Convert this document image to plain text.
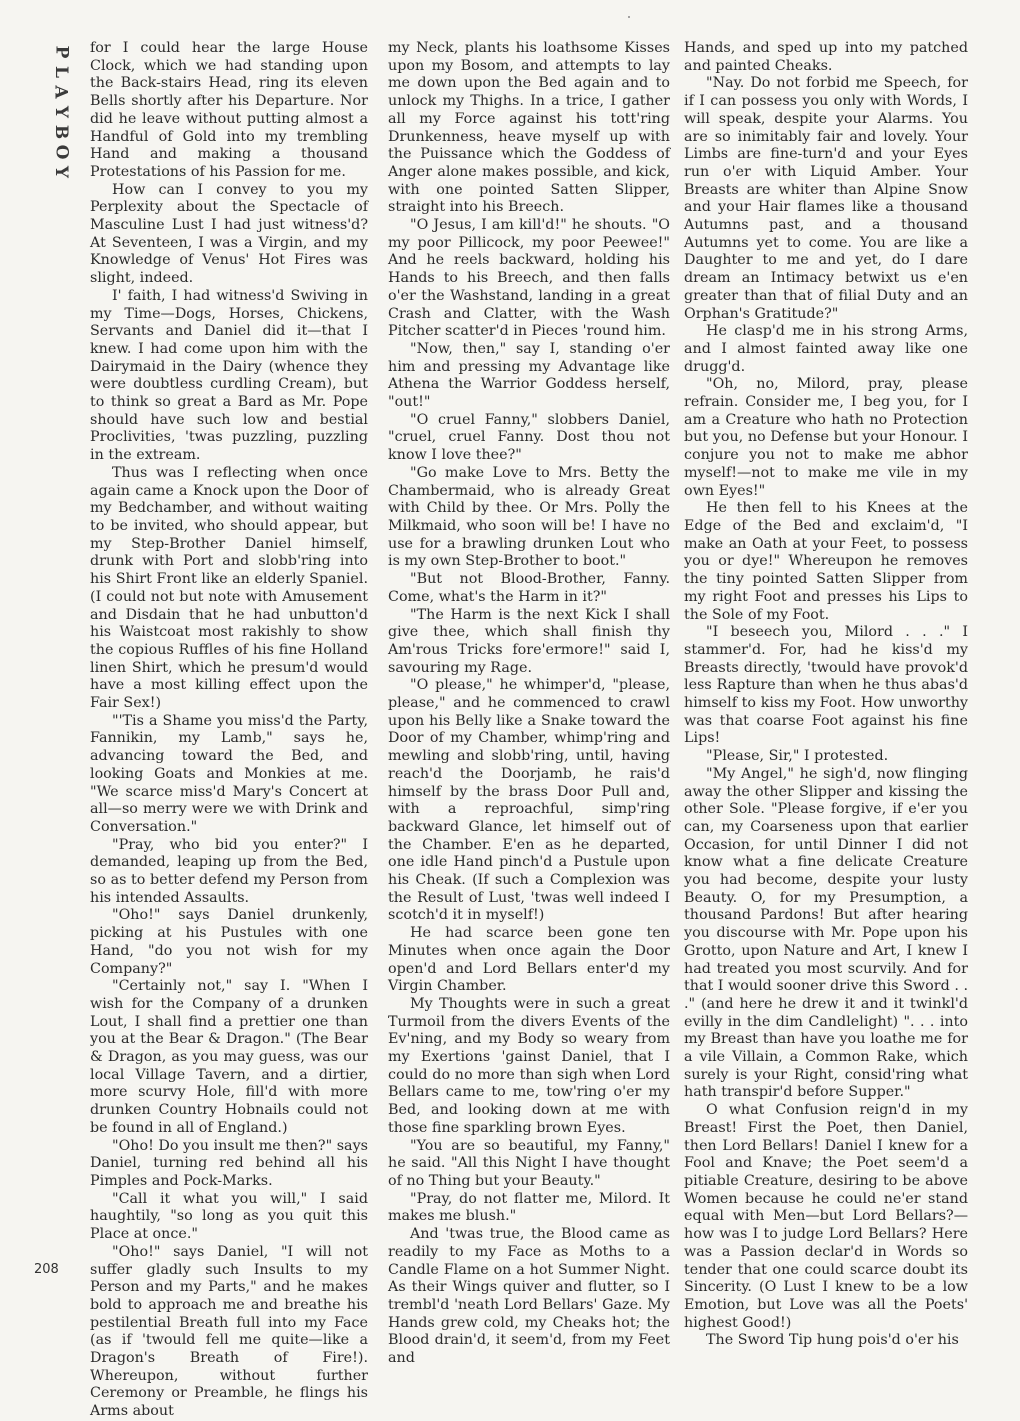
P
L
A
Y
B
O
Y
208

for I could hear the large House Clock, which we had standing upon the Back-stairs Head, ring its eleven Bells shortly after his Departure. Nor did he leave without putting almost a Handful of Gold into my trembling Hand and making a thousand Protestations of his Passion for me.

How can I convey to you my Perplexity about the Spectacle of Masculine Lust I had just witness'd? At Seventeen, I was a Virgin, and my Knowledge of Venus' Hot Fires was slight, indeed.

I' faith, I had witness'd Swiving in my Time—Dogs, Horses, Chickens, Servants and Daniel did it—that I knew. I had come upon him with the Dairymaid in the Dairy (whence they were doubtless curdling Cream), but to think so great a Bard as Mr. Pope should have such low and bestial Proclivities, 'twas puzzling, puzzling in the extream.

Thus was I reflecting when once again came a Knock upon the Door of my Bedchamber, and without waiting to be invited, who should appear, but my Step-Brother Daniel himself, drunk with Port and slobb'ring into his Shirt Front like an elderly Spaniel. (I could not but note with Amusement and Disdain that he had unbutton'd his Waistcoat most rakishly to show the copious Ruffles of his fine Holland linen Shirt, which he presum'd would have a most killing effect upon the Fair Sex!)

"'Tis a Shame you miss'd the Party, Fannikin, my Lamb," says he, advancing toward the Bed, and looking Goats and Monkies at me. "We scarce miss'd Mary's Concert at all—so merry were we with Drink and Conversation."

"Pray, who bid you enter?" I demanded, leaping up from the Bed, so as to better defend my Person from his intended Assaults.

"Oho!" says Daniel drunkenly, picking at his Pustules with one Hand, "do you not wish for my Company?"

"Certainly not," say I. "When I wish for the Company of a drunken Lout, I shall find a prettier one than you at the Bear & Dragon." (The Bear & Dragon, as you may guess, was our local Village Tavern, and a dirtier, more scurvy Hole, fill'd with more drunken Country Hobnails could not be found in all of England.)

"Oho! Do you insult me then?" says Daniel, turning red behind all his Pimples and Pock-Marks.

"Call it what you will," I said haughtily, "so long as you quit this Place at once."

"Oho!" says Daniel, "I will not suffer gladly such Insults to my Person and my Parts," and he makes bold to approach me and breathe his pestilential Breath full into my Face (as if 'twould fell me quite—like a Dragon's Breath of Fire!). Whereupon, without further Ceremony or Preamble, he flings his Arms about

my Neck, plants his loathsome Kisses upon my Bosom, and attempts to lay me down upon the Bed again and to unlock my Thighs. In a trice, I gather all my Force against his tott'ring Drunkenness, heave myself up with the Puissance which the Goddess of Anger alone makes possible, and kick, with one pointed Satten Slipper, straight into his Breech.

"O Jesus, I am kill'd!" he shouts. "O my poor Pillicock, my poor Peewee!" And he reels backward, holding his Hands to his Breech, and then falls o'er the Washstand, landing in a great Crash and Clatter, with the Wash Pitcher scatter'd in Pieces 'round him.

"Now, then," say I, standing o'er him and pressing my Advantage like Athena the Warrior Goddess herself, "out!"

"O cruel Fanny," slobbers Daniel, "cruel, cruel Fanny. Dost thou not know I love thee?"

"Go make Love to Mrs. Betty the Chambermaid, who is already Great with Child by thee. Or Mrs. Polly the Milkmaid, who soon will be! I have no use for a brawling drunken Lout who is my own Step-Brother to boot."

"But not Blood-Brother, Fanny. Come, what's the Harm in it?"

"The Harm is the next Kick I shall give thee, which shall finish thy Am'rous Tricks fore'ermore!" said I, savouring my Rage.

"O please," he whimper'd, "please, please," and he commenced to crawl upon his Belly like a Snake toward the Door of my Chamber, whimp'ring and mewling and slobb'ring, until, having reach'd the Doorjamb, he rais'd himself by the brass Door Pull and, with a reproachful, simp'ring backward Glance, let himself out of the Chamber. E'en as he departed, one idle Hand pinch'd a Pustule upon his Cheak. (If such a Complexion was the Result of Lust, 'twas well indeed I scotch'd it in myself!)

He had scarce been gone ten Minutes when once again the Door open'd and Lord Bellars enter'd my Virgin Chamber.

My Thoughts were in such a great Turmoil from the divers Events of the Ev'ning, and my Body so weary from my Exertions 'gainst Daniel, that I could do no more than sigh when Lord Bellars came to me, tow'ring o'er my Bed, and looking down at me with those fine sparkling brown Eyes.

"You are so beautiful, my Fanny," he said. "All this Night I have thought of no Thing but your Beauty."

"Pray, do not flatter me, Milord. It makes me blush."

And 'twas true, the Blood came as readily to my Face as Moths to a Candle Flame on a hot Summer Night. As their Wings quiver and flutter, so I trembl'd 'neath Lord Bellars' Gaze. My Hands grew cold, my Cheaks hot; the Blood drain'd, it seem'd, from my Feet and

Hands, and sped up into my patched and painted Cheaks.

"Nay. Do not forbid me Speech, for if I can possess you only with Words, I will speak, despite your Alarms. You are so inimitably fair and lovely. Your Limbs are fine-turn'd and your Eyes run o'er with Liquid Amber. Your Breasts are whiter than Alpine Snow and your Hair flames like a thousand Autumns past, and a thousand Autumns yet to come. You are like a Daughter to me and yet, do I dare dream an Intimacy betwixt us e'en greater than that of filial Duty and an Orphan's Gratitude?"

He clasp'd me in his strong Arms, and I almost fainted away like one drugg'd.

"Oh, no, Milord, pray, please refrain. Consider me, I beg you, for I am a Creature who hath no Protection but you, no Defense but your Honour. I conjure you not to make me abhor myself!—not to make me vile in my own Eyes!"

He then fell to his Knees at the Edge of the Bed and exclaim'd, "I make an Oath at your Feet, to possess you or dye!" Whereupon he removes the tiny pointed Satten Slipper from my right Foot and presses his Lips to the Sole of my Foot.

"I beseech you, Milord . . ." I stammer'd. For, had he kiss'd my Breasts directly, 'twould have provok'd less Rapture than when he thus abas'd himself to kiss my Foot. How unworthy was that coarse Foot against his fine Lips!

"Please, Sir," I protested.

"My Angel," he sigh'd, now flinging away the other Slipper and kissing the other Sole. "Please forgive, if e'er you can, my Coarseness upon that earlier Occasion, for until Dinner I did not know what a fine delicate Creature you had become, despite your lusty Beauty. O, for my Presumption, a thousand Pardons! But after hearing you discourse with Mr. Pope upon his Grotto, upon Nature and Art, I knew I had treated you most scurvily. And for that I would sooner drive this Sword . . ." (and here he drew it and it twinkl'd evilly in the dim Candlelight) ". . . into my Breast than have you loathe me for a vile Villain, a Common Rake, which surely is your Right, consid'ring what hath transpir'd before Supper."

O what Confusion reign'd in my Breast! First the Poet, then Daniel, then Lord Bellars! Daniel I knew for a Fool and Knave; the Poet seem'd a pitiable Creature, desiring to be above Women because he could ne'er stand equal with Men—but Lord Bellars?—how was I to judge Lord Bellars? Here was a Passion declar'd in Words so tender that one could scarce doubt its Sincerity. (O Lust I knew to be a low Emotion, but Love was all the Poets' highest Good!)

The Sword Tip hung pois'd o'er his
